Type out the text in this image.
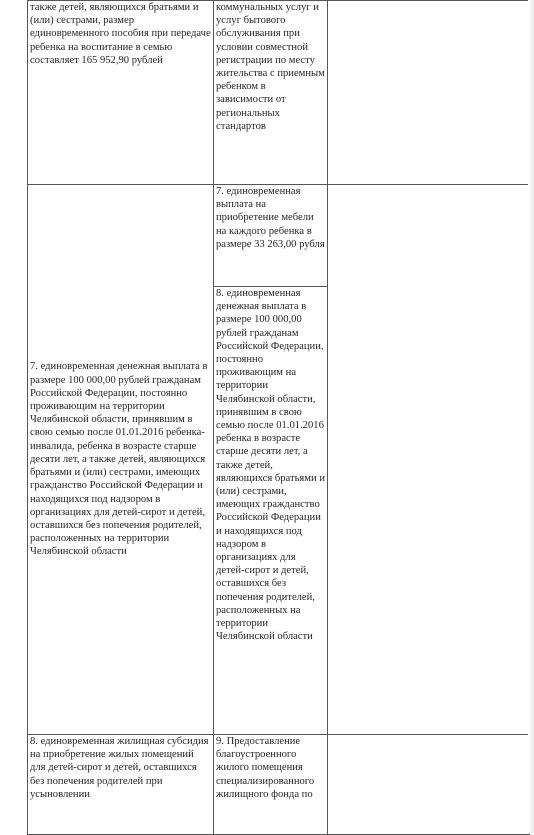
также детей, являющихся братьями и (или) сестрами, размер единовременного пособия при передаче ребенка на воспитание в семью составляет 165 952,90 рублей	коммунальных услуг и услуг бытового обслуживания при условии совместной регистрации по месту жительства с приемным ребенком в зависимости от региональных стандартов	

7. единовременная денежная выплата в размере 100 000,00 рублей гражданам Российской Федерации, постоянно проживающим на территории Челябинской области, принявшим в свою семью после 01.01.2016 ребенка-инвалида, ребенка в возрасте старше десяти лет, а также детей, являющихся братьями и (или) сестрами, имеющих гражданство Российской Федерации и находящихся под надзором в организациях для детей-сирот и детей, оставшихся без попечения родителей, расположенных на территории Челябинской области	7. единовременная выплата на приобретение мебели на каждого ребенка в размере 33 263,00 рубля	

	8. единовременная денежная выплата в размере 100 000,00 рублей гражданам Российской Федерации, постоянно проживающим на территории Челябинской области, принявшим в свою семью после 01.01.2016 ребенка в возрасте старше десяти лет, а также детей, являющихся братьями и (или) сестрами, имеющих гражданство Российской Федерации и находящихся под надзором в организациях для детей-сирот и детей, оставшихся без попечения родителей, расположенных на территории Челябинской области	

8. единовременная жилищная субсидия на приобретение жилых помещений для детей-сирот и детей, оставшихся без попечения родителей при усыновлении	9. Предоставление благоустроенного жилого помещения специализированного жилищного фонда по	
